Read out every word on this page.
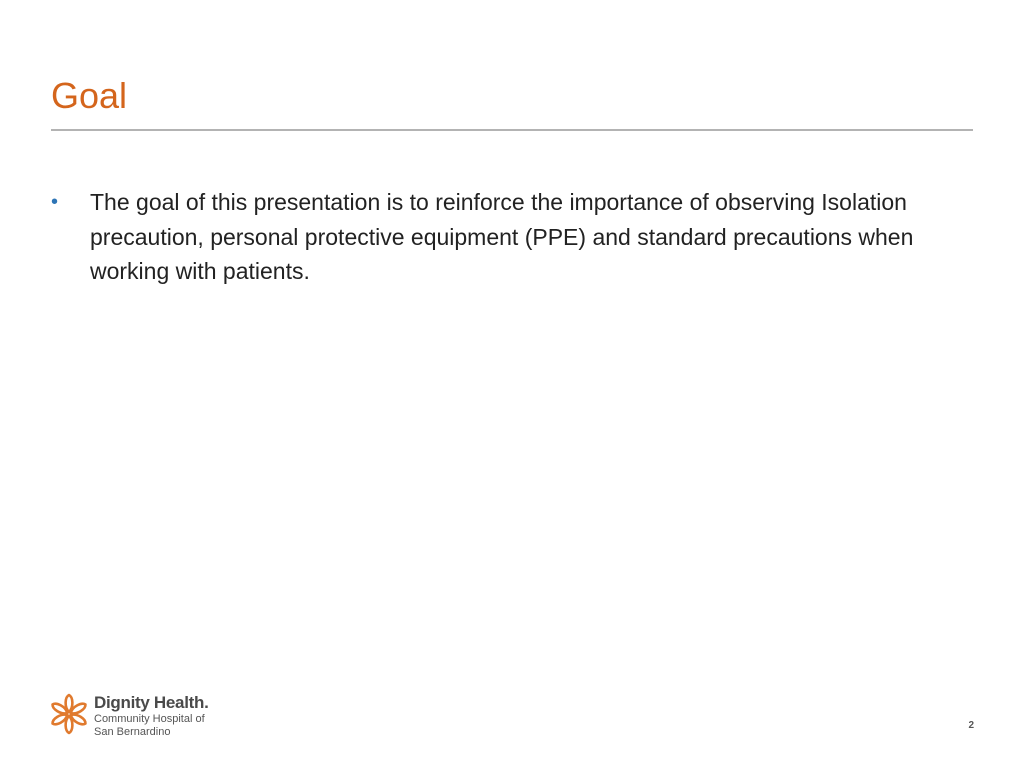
Goal
• The goal of this presentation is to reinforce the importance of observing Isolation precaution, personal protective equipment (PPE) and standard precautions when working with patients.
Dignity Health.
Community Hospital of
San Bernardino
2
